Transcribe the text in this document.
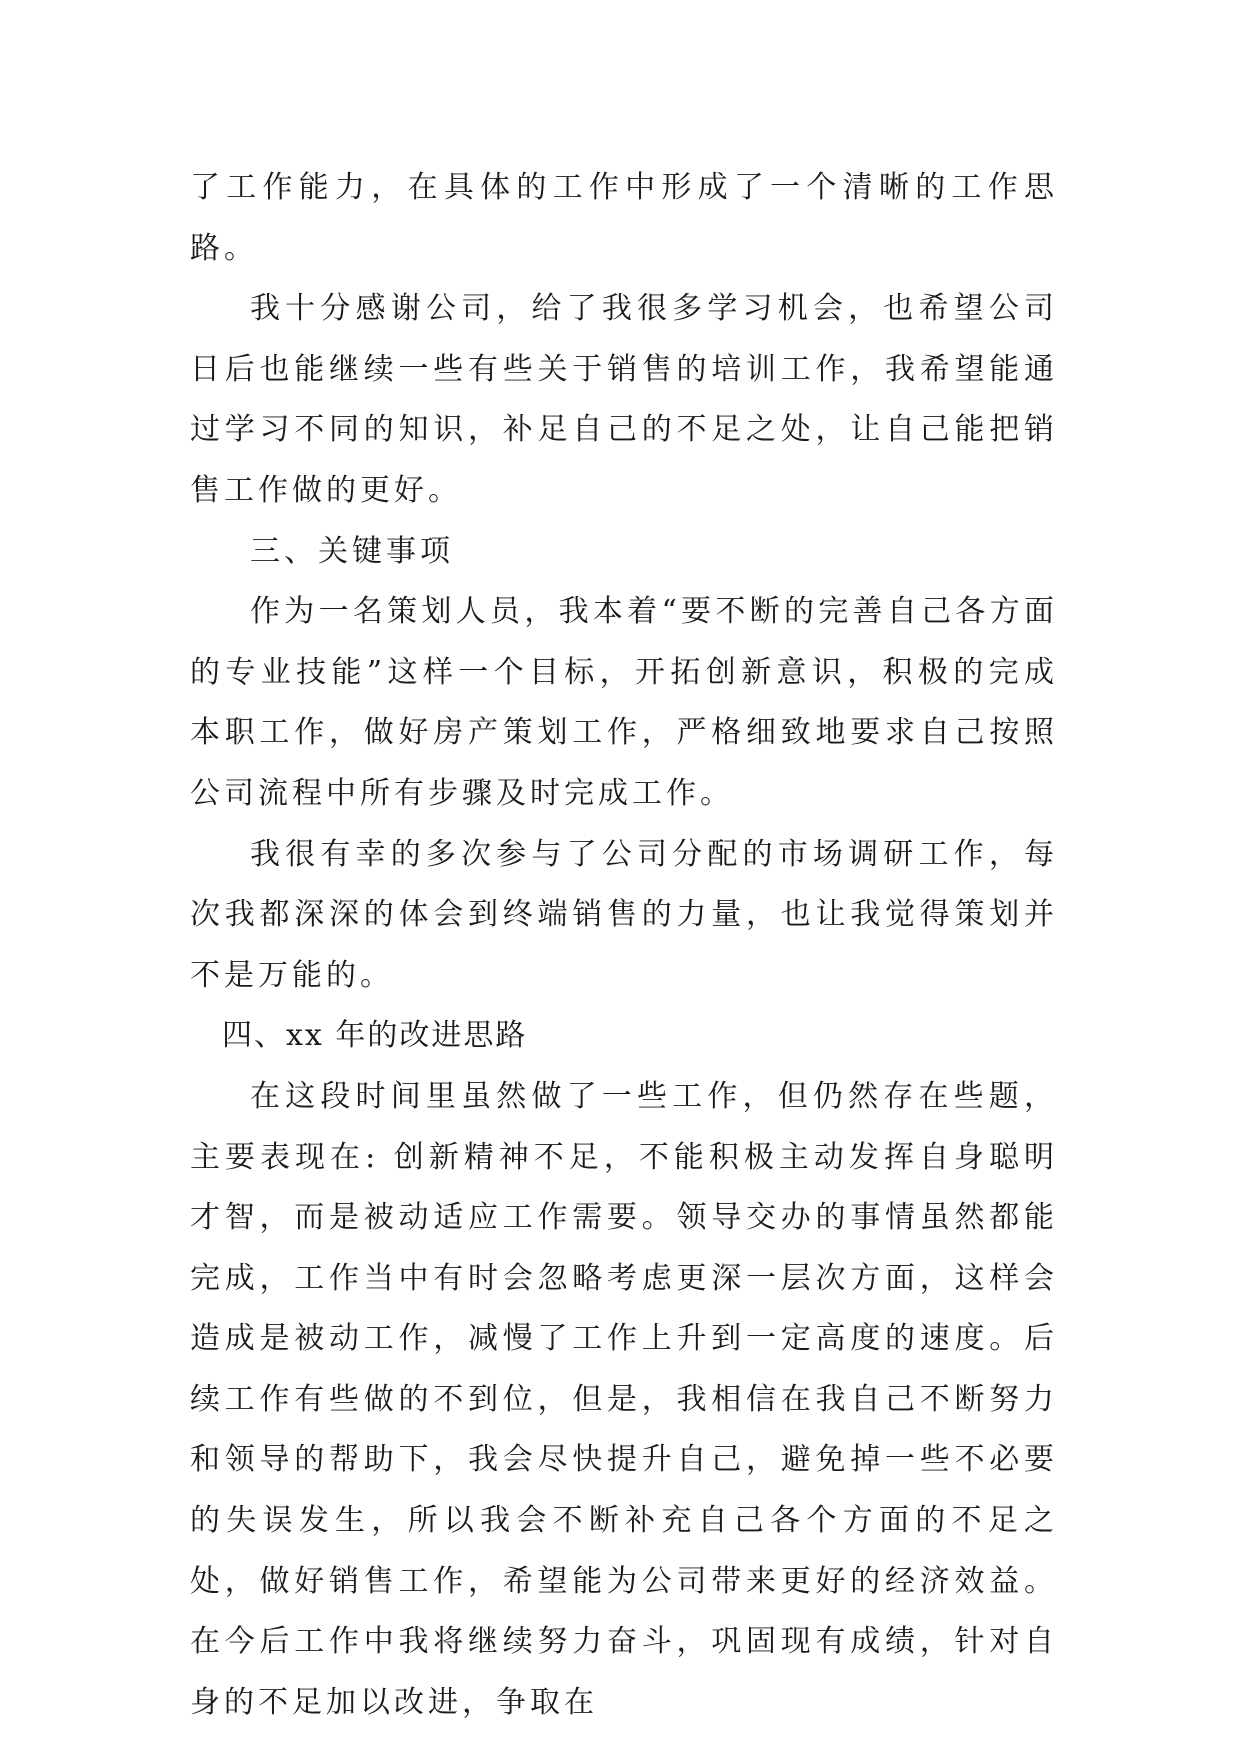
了工作能力，在具体的工作中形成了一个清晰的工作思路。

我十分感谢公司，给了我很多学习机会，也希望公司日后也能继续一些有些关于销售的培训工作，我希望能通过学习不同的知识，补足自己的不足之处，让自己能把销售工作做的更好。

三、关键事项

作为一名策划人员，我本着“要不断的完善自己各方面的专业技能”这样一个目标，开拓创新意识，积极的完成本职工作，做好房产策划工作，严格细致地要求自己按照公司流程中所有步骤及时完成工作。

我很有幸的多次参与了公司分配的市场调研工作，每次我都深深的体会到终端销售的力量，也让我觉得策划并不是万能的。

四、xx 年的改进思路

在这段时间里虽然做了一些工作，但仍然存在些题，主要表现在: 创新精神不足，不能积极主动发挥自身聪明才智，而是被动适应工作需要。领导交办的事情虽然都能完成，工作当中有时会忽略考虑更深一层次方面，这样会造成是被动工作，减慢了工作上升到一定高度的速度。后续工作有些做的不到位，但是，我相信在我自己不断努力和领导的帮助下，我会尽快提升自己，避免掉一些不必要的失误发生，所以我会不断补充自己各个方面的不足之处，做好销售工作，希望能为公司带来更好的经济效益。 在今后工作中我将继续努力奋斗，巩固现有成绩，针对自身的不足加以改进，争取在
